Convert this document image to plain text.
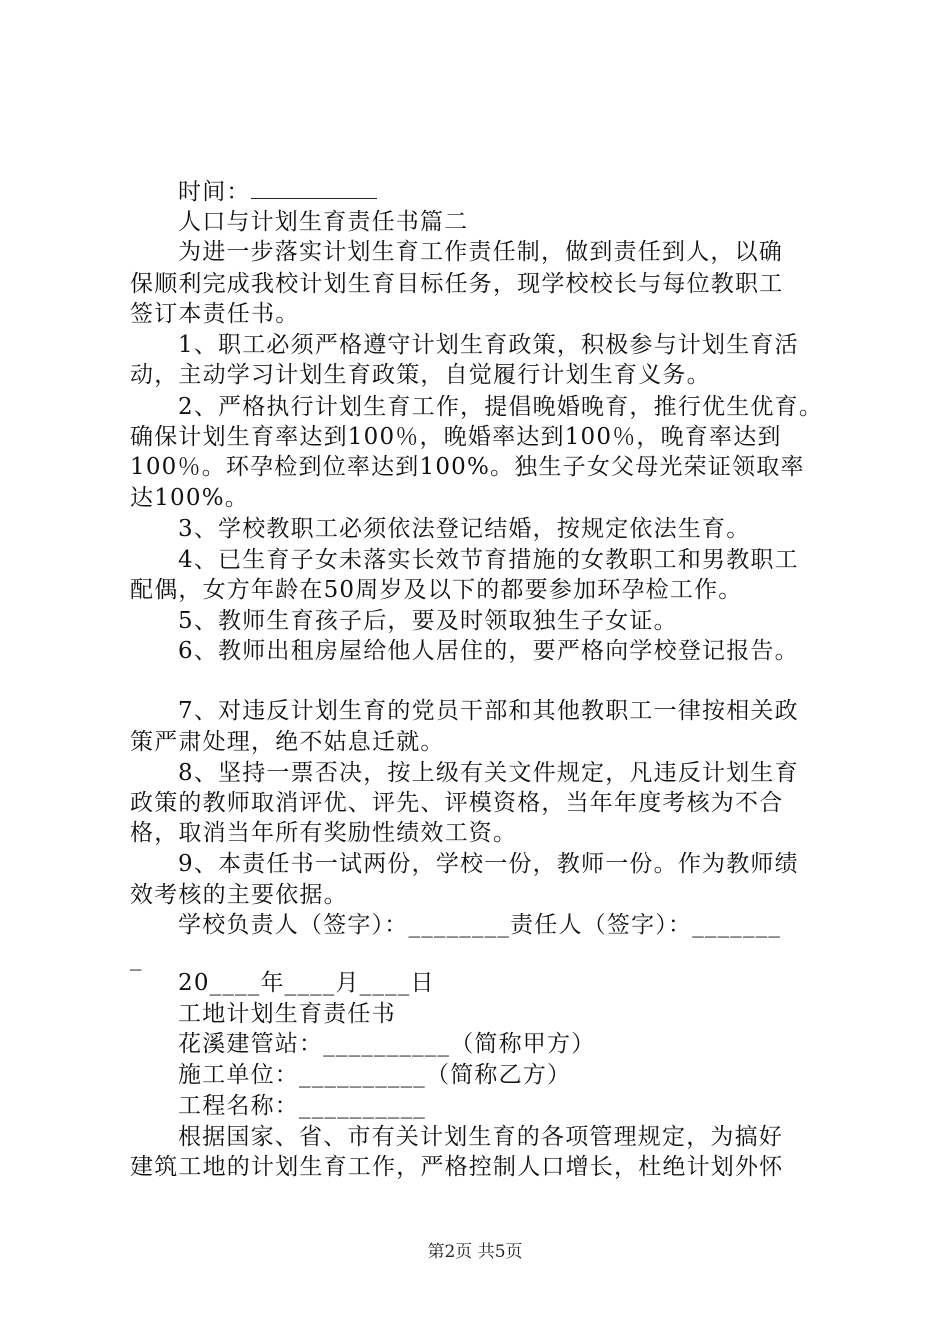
时间：
人口与计划生育责任书篇二
为进一步落实计划生育工作责任制，做到责任到人，以确
保顺利完成我校计划生育目标任务，现学校校长与每位教职工
签订本责任书。
1、职工必须严格遵守计划生育政策，积极参与计划生育活
动，主动学习计划生育政策，自觉履行计划生育义务。
2、严格执行计划生育工作，提倡晚婚晚育，推行优生优育。
确保计划生育率达到100％，晚婚率达到100％，晚育率达到
100％。环孕检到位率达到100%。独生子女父母光荣证领取率
达100%。
3、学校教职工必须依法登记结婚，按规定依法生育。
4、已生育子女未落实长效节育措施的女教职工和男教职工
配偶，女方年龄在50周岁及以下的都要参加环孕检工作。
5、教师生育孩子后，要及时领取独生子女证。
6、教师出租房屋给他人居住的，要严格向学校登记报告。
7、对违反计划生育的党员干部和其他教职工一律按相关政
策严肃处理，绝不姑息迁就。
8、坚持一票否决，按上级有关文件规定，凡违反计划生育
政策的教师取消评优、评先、评模资格，当年年度考核为不合
格，取消当年所有奖励性绩效工资。
9、本责任书一试两份，学校一份，教师一份。作为教师绩
效考核的主要依据。
学校负责人（签字）：________责任人（签字）：_______
_
20____年____月____日
工地计划生育责任书
花溪建管站：__________（简称甲方）
施工单位：__________（简称乙方）
工程名称：__________
根据国家、省、市有关计划生育的各项管理规定，为搞好
建筑工地的计划生育工作，严格控制人口增长，杜绝计划外怀
第2页 共5页
